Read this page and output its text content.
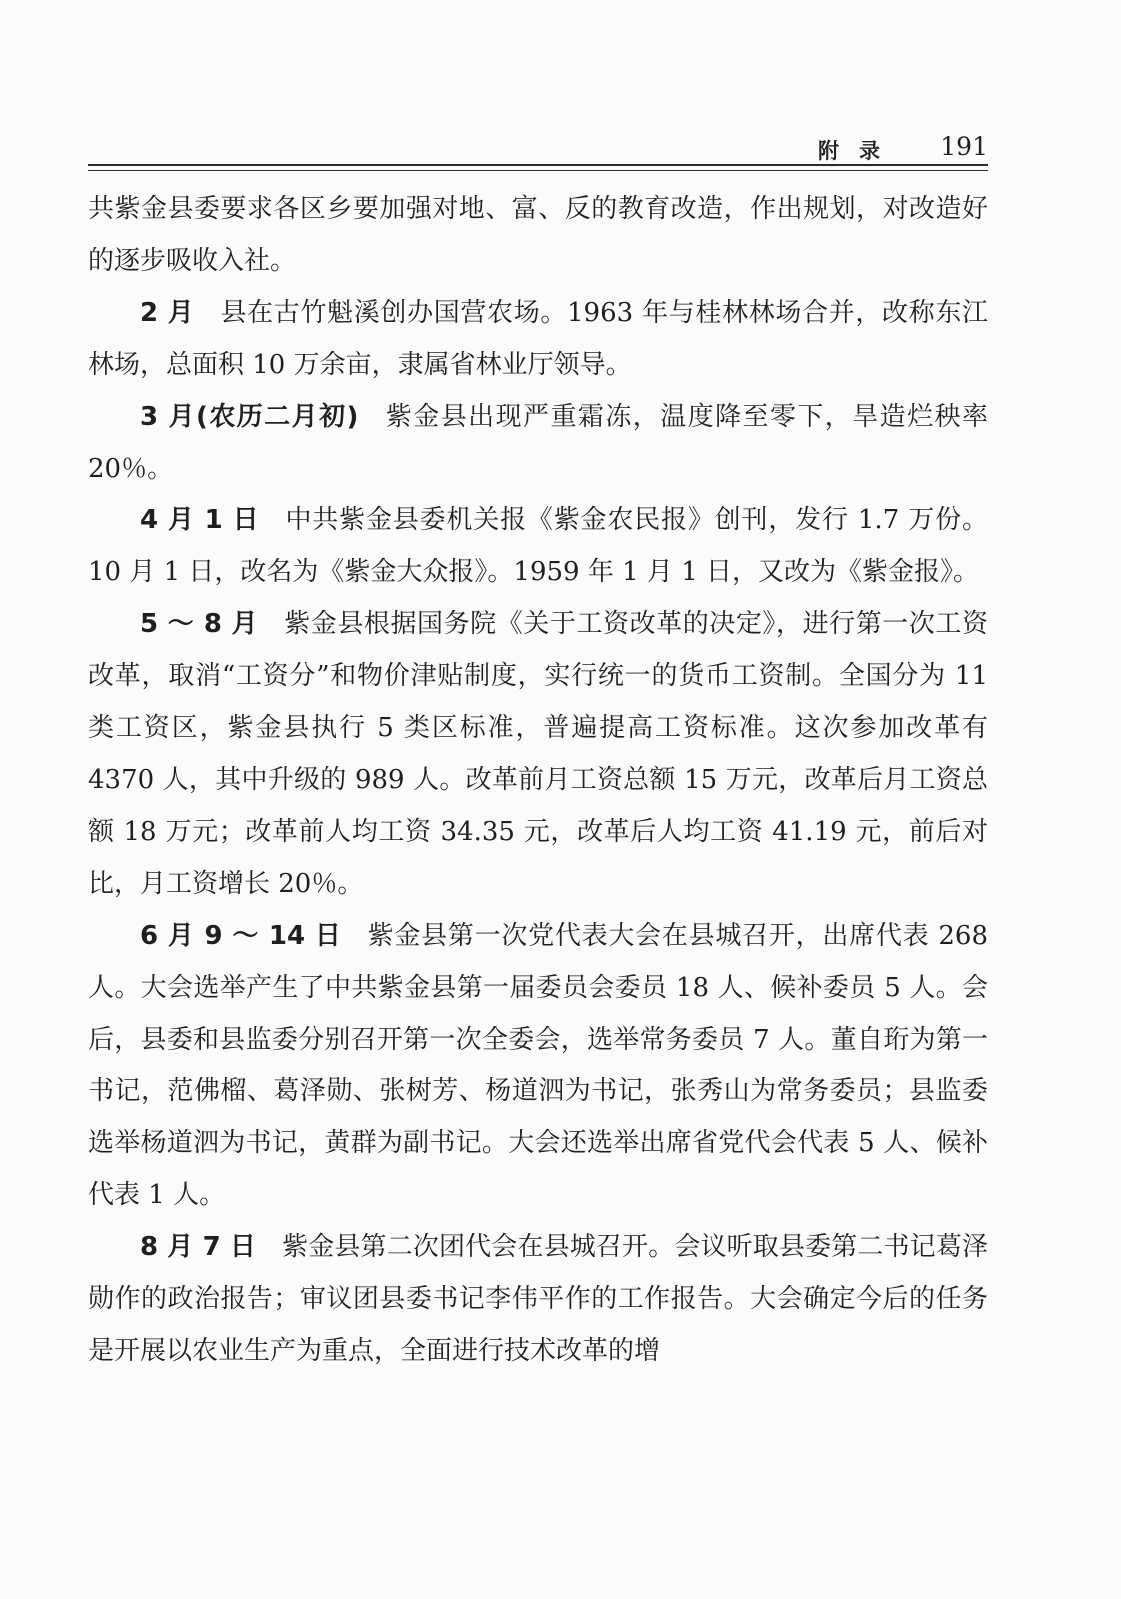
附录 191

共紫金县委要求各区乡要加强对地、富、反的教育改造，作出规划，对改造好的逐步吸收入社。

2 月 县在古竹魁溪创办国营农场。1963 年与桂林林场合并，改称东江林场，总面积 10 万余亩，隶属省林业厅领导。

3 月(农历二月初) 紫金县出现严重霜冻，温度降至零下，旱造烂秧率 20％。

4 月 1 日 中共紫金县委机关报《紫金农民报》创刊，发行 1.7 万份。10 月 1 日，改名为《紫金大众报》。1959 年 1 月 1 日，又改为《紫金报》。

5 ～ 8 月 紫金县根据国务院《关于工资改革的决定》，进行第一次工资改革，取消“工资分”和物价津贴制度，实行统一的货币工资制。全国分为 11 类工资区，紫金县执行 5 类区标准，普遍提高工资标准。这次参加改革有 4370 人，其中升级的 989 人。改革前月工资总额 15 万元，改革后月工资总额 18 万元；改革前人均工资 34.35 元，改革后人均工资 41.19 元，前后对比，月工资增长 20％。

6 月 9 ～ 14 日 紫金县第一次党代表大会在县城召开，出席代表 268 人。大会选举产生了中共紫金县第一届委员会委员 18 人、候补委员 5 人。会后，县委和县监委分别召开第一次全委会，选举常务委员 7 人。董自珩为第一书记，范佛榴、葛泽勋、张树芳、杨道泗为书记，张秀山为常务委员；县监委选举杨道泗为书记，黄群为副书记。大会还选举出席省党代会代表 5 人、候补代表 1 人。

8 月 7 日 紫金县第二次团代会在县城召开。会议听取县委第二书记葛泽勋作的政治报告；审议团县委书记李伟平作的工作报告。大会确定今后的任务是开展以农业生产为重点，全面进行技术改革的增
